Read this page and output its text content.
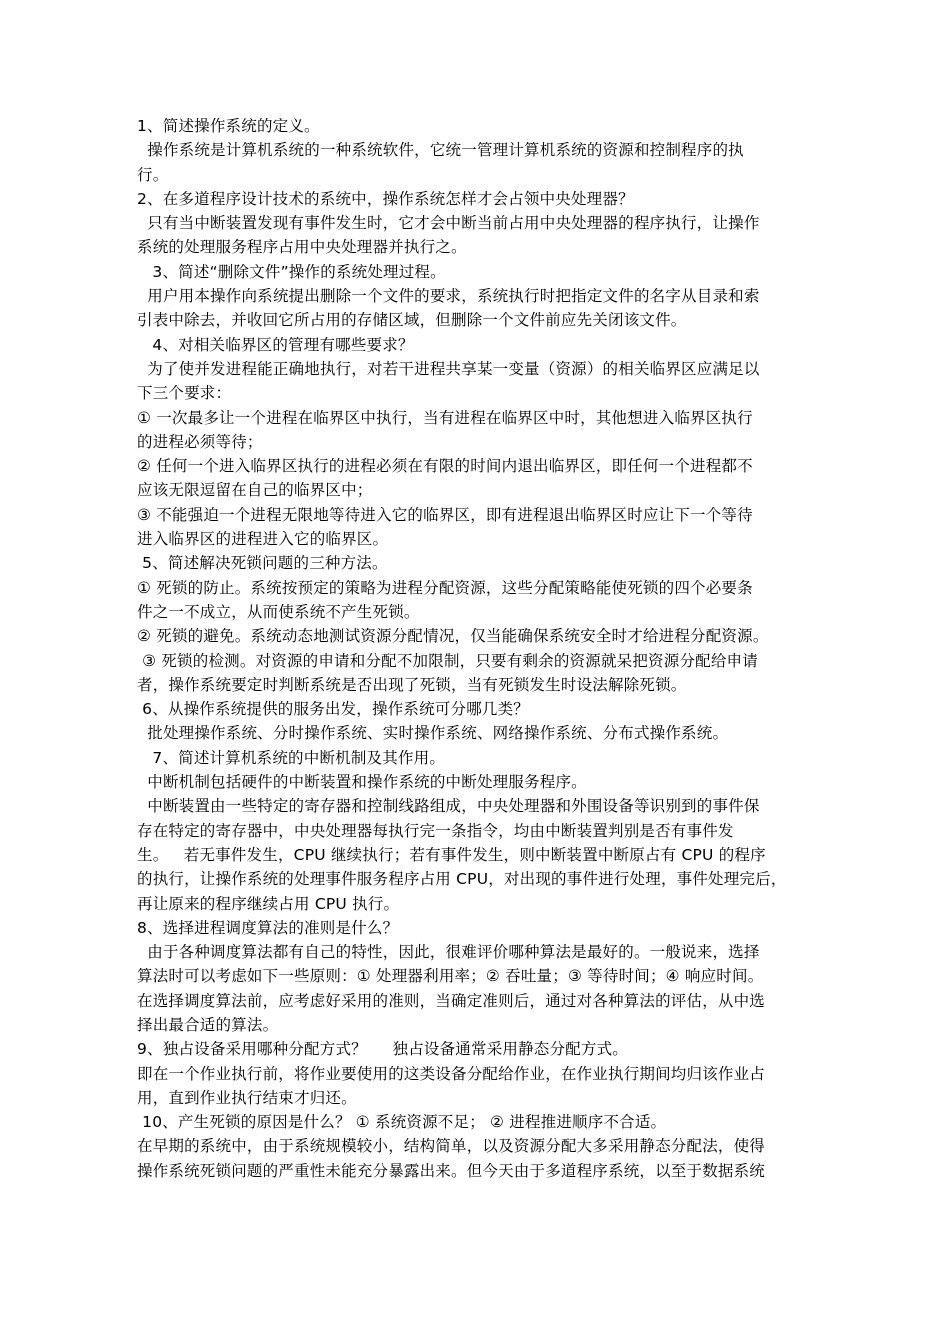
1、简述操作系统的定义。
操作系统是计算机系统的一种系统软件，它统一管理计算机系统的资源和控制程序的执
行。
2、在多道程序设计技术的系统中，操作系统怎样才会占领中央处理器？
只有当中断装置发现有事件发生时，它才会中断当前占用中央处理器的程序执行，让操作
系统的处理服务程序占用中央处理器并执行之。
3、简述“删除文件”操作的系统处理过程。
用户用本操作向系统提出删除一个文件的要求，系统执行时把指定文件的名字从目录和索
引表中除去，并收回它所占用的存储区域，但删除一个文件前应先关闭该文件。
4、对相关临界区的管理有哪些要求？
为了使并发进程能正确地执行，对若干进程共享某一变量（资源）的相关临界区应满足以
下三个要求：
① 一次最多让一个进程在临界区中执行，当有进程在临界区中时，其他想进入临界区执行
的进程必须等待；
② 任何一个进入临界区执行的进程必须在有限的时间内退出临界区，即任何一个进程都不
应该无限逗留在自己的临界区中；
③ 不能强迫一个进程无限地等待进入它的临界区，即有进程退出临界区时应让下一个等待
进入临界区的进程进入它的临界区。
5、简述解决死锁问题的三种方法。
① 死锁的防止。系统按预定的策略为进程分配资源，这些分配策略能使死锁的四个必要条
件之一不成立，从而使系统不产生死锁。
② 死锁的避免。系统动态地测试资源分配情况，仅当能确保系统安全时才给进程分配资源。
③ 死锁的检测。对资源的申请和分配不加限制，只要有剩余的资源就呆把资源分配给申请
者，操作系统要定时判断系统是否出现了死锁，当有死锁发生时设法解除死锁。
6、从操作系统提供的服务出发，操作系统可分哪几类？
批处理操作系统、分时操作系统、实时操作系统、网络操作系统、分布式操作系统。
7、简述计算机系统的中断机制及其作用。
中断机制包括硬件的中断装置和操作系统的中断处理服务程序。
中断装置由一些特定的寄存器和控制线路组成，中央处理器和外围设备等识别到的事件保
存在特定的寄存器中，中央处理器每执行完一条指令，均由中断装置判别是否有事件发
生。   若无事件发生，CPU 继续执行；若有事件发生，则中断装置中断原占有 CPU 的程序
的执行，让操作系统的处理事件服务程序占用 CPU，对出现的事件进行处理，事件处理完后，
再让原来的程序继续占用 CPU 执行。
8、选择进程调度算法的准则是什么？
由于各种调度算法都有自己的特性，因此，很难评价哪种算法是最好的。一般说来，选择
算法时可以考虑如下一些原则：① 处理器利用率；② 吞吐量；③ 等待时间；④ 响应时间。
在选择调度算法前，应考虑好采用的准则，当确定准则后，通过对各种算法的评估，从中选
择出最合适的算法。
9、独占设备采用哪种分配方式？     独占设备通常采用静态分配方式。
即在一个作业执行前，将作业要使用的这类设备分配给作业，在作业执行期间均归该作业占
用，直到作业执行结束才归还。
10、产生死锁的原因是什么？ ① 系统资源不足； ② 进程推进顺序不合适。
在早期的系统中，由于系统规模较小，结构简单，以及资源分配大多采用静态分配法，使得
操作系统死锁问题的严重性未能充分暴露出来。但今天由于多道程序系统，以至于数据系统
